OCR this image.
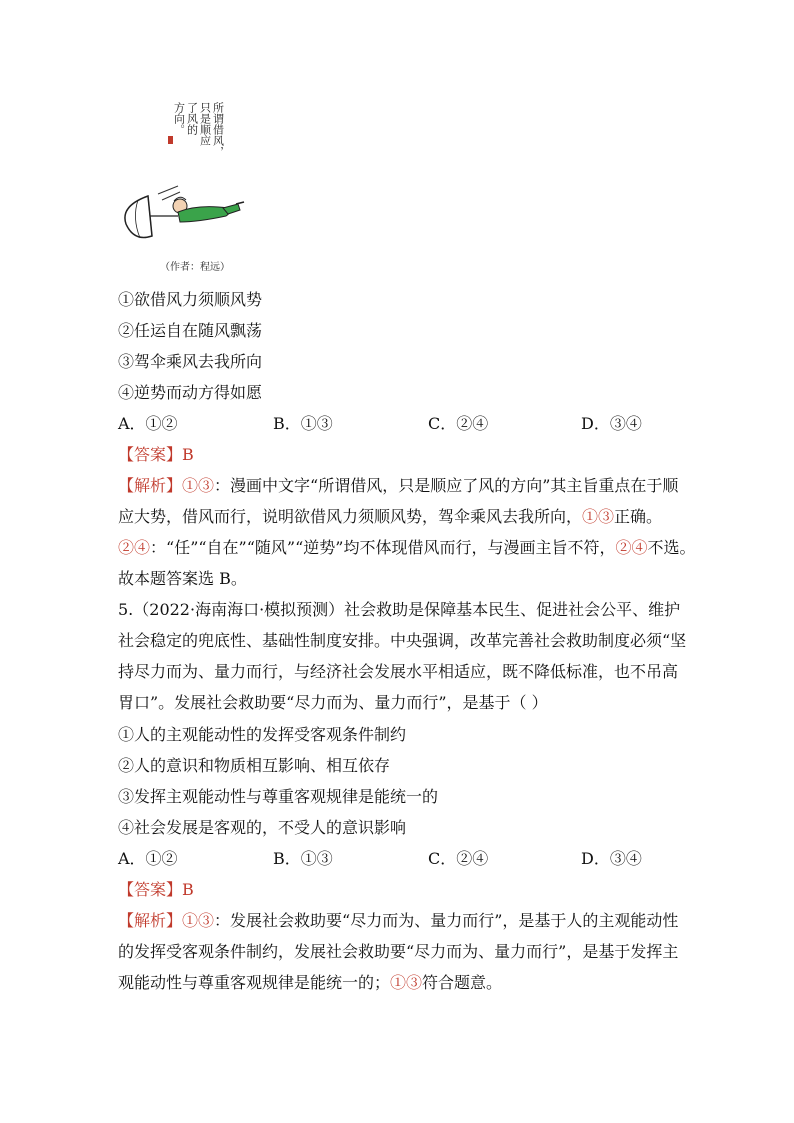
所谓借风，
只是顺应
了风的
方向。
（作者：程远）
①欲借风力须顺风势
②任运自在随风飘荡
③驾伞乘风去我所向
④逆势而动方得如愿
A．①②	B．①③	C．②④	D．③④
【答案】B
【解析】①③：漫画中文字“所谓借风，只是顺应了风的方向”其主旨重点在于顺
应大势，借风而行，说明欲借风力须顺风势，驾伞乘风去我所向，①③正确。
②④：“任”“自在”“随风”“逆势”均不体现借风而行，与漫画主旨不符，②④不选。
故本题答案选 B。
5.（2022·海南海口·模拟预测）社会救助是保障基本民生、促进社会公平、维护
社会稳定的兜底性、基础性制度安排。中央强调，改革完善社会救助制度必须“坚
持尽力而为、量力而行，与经济社会发展水平相适应，既不降低标准，也不吊高
胃口”。发展社会救助要“尽力而为、量力而行”，是基于（ ）
①人的主观能动性的发挥受客观条件制约
②人的意识和物质相互影响、相互依存
③发挥主观能动性与尊重客观规律是能统一的
④社会发展是客观的，不受人的意识影响
A．①②	B．①③	C．②④	D．③④
【答案】B
【解析】①③：发展社会救助要“尽力而为、量力而行”，是基于人的主观能动性
的发挥受客观条件制约，发展社会救助要“尽力而为、量力而行”，是基于发挥主
观能动性与尊重客观规律是能统一的；①③符合题意。
